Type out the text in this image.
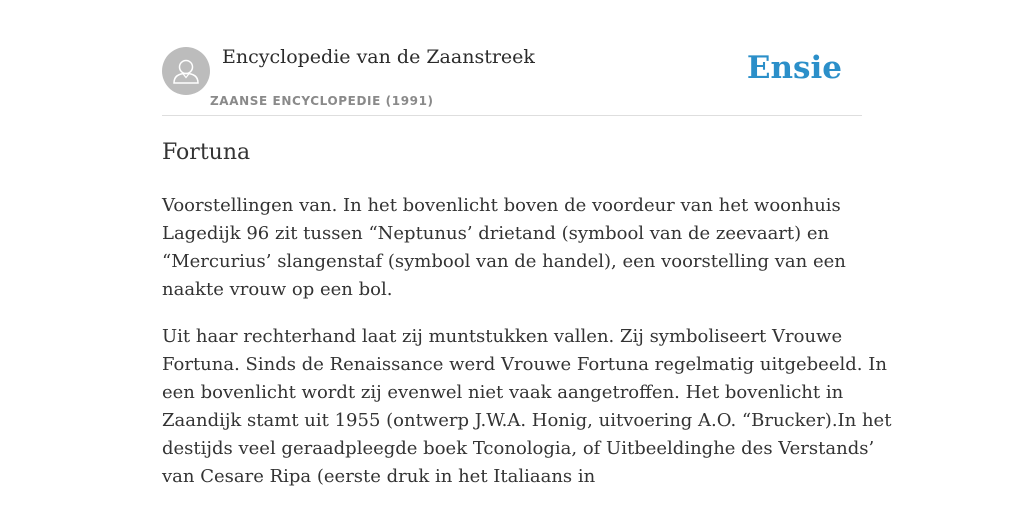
Encyclopedie van de Zaanstreek
ZAANSE ENCYCLOPEDIE (1991)
Ensie
Fortuna

Voorstellingen van. In het bovenlicht boven de voordeur van het woonhuis
Lagedijk 96 zit tussen “Neptunus’ drietand (symbool van de zeevaart) en
“Mercurius’ slangenstaf (symbool van de handel), een voorstelling van een
naakte vrouw op een bol.

Uit haar rechterhand laat zij muntstukken vallen. Zij symboliseert Vrouwe
Fortuna. Sinds de Renaissance werd Vrouwe Fortuna regelmatig uitgebeeld. In
een bovenlicht wordt zij evenwel niet vaak aangetroffen. Het bovenlicht in
Zaandijk stamt uit 1955 (ontwerp J.W.A. Honig, uitvoering A.O. “Brucker).In het
destijds veel geraadpleegde boek Tconologia, of Uitbeeldinghe des Verstands’
van Cesare Ripa (eerste druk in het Italiaans in
